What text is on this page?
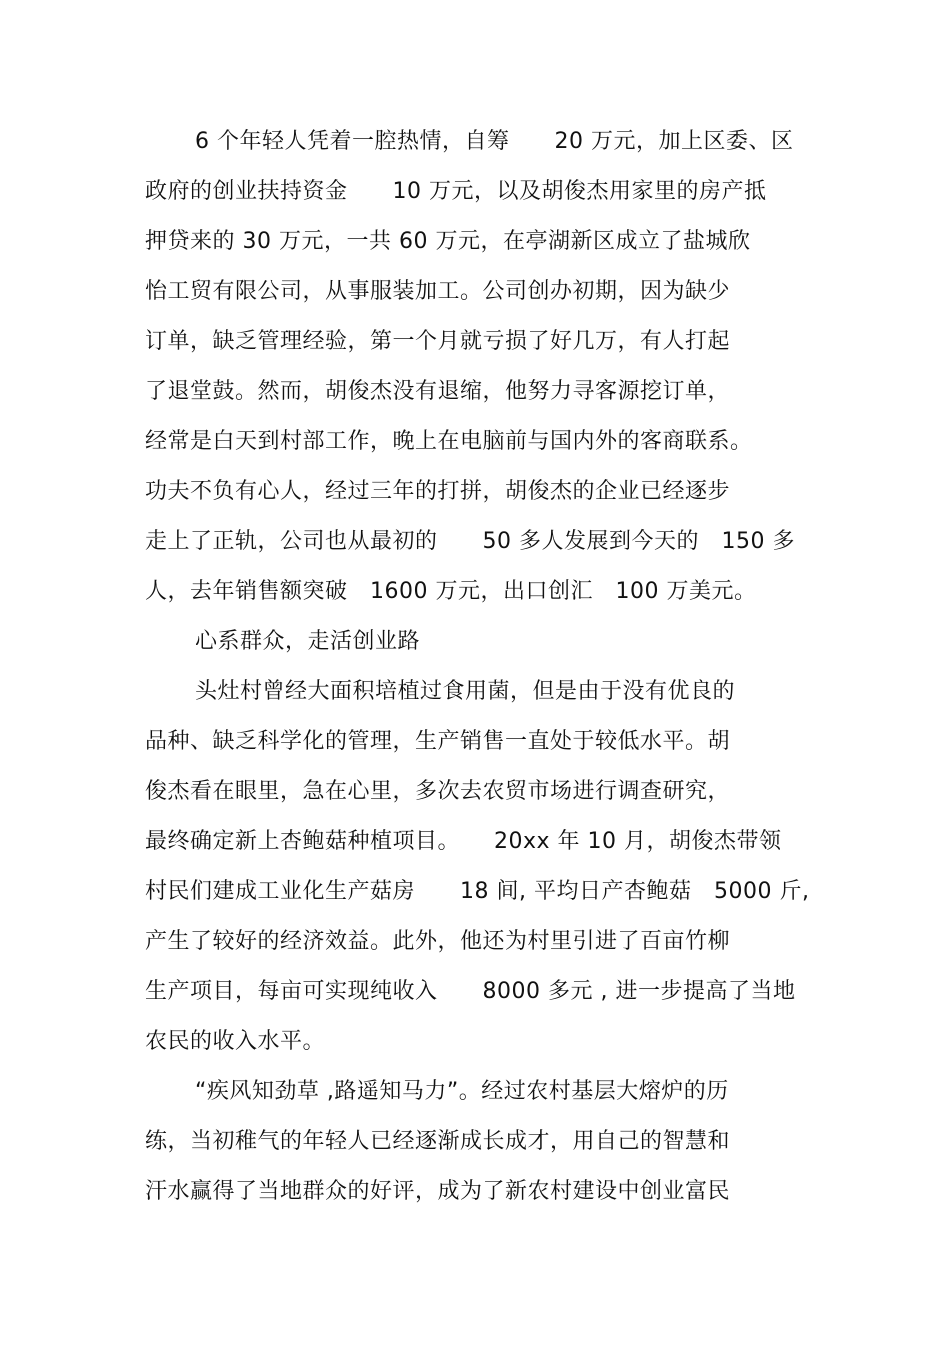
6 个年轻人凭着一腔热情，自筹　　20 万元，加上区委、区
政府的创业扶持资金　　10 万元，以及胡俊杰用家里的房产抵
押贷来的 30 万元，一共 60 万元，在亭湖新区成立了盐城欣
怡工贸有限公司，从事服装加工。公司创办初期，因为缺少
订单，缺乏管理经验，第一个月就亏损了好几万，有人打起
了退堂鼓。然而，胡俊杰没有退缩，他努力寻客源挖订单，
经常是白天到村部工作，晚上在电脑前与国内外的客商联系。
功夫不负有心人，经过三年的打拼，胡俊杰的企业已经逐步
走上了正轨，公司也从最初的　　50 多人发展到今天的　150 多
人，去年销售额突破　1600 万元，出口创汇　100 万美元。
心系群众，走活创业路
头灶村曾经大面积培植过食用菌，但是由于没有优良的
品种、缺乏科学化的管理，生产销售一直处于较低水平。胡
俊杰看在眼里，急在心里，多次去农贸市场进行调查研究，
最终确定新上杏鲍菇种植项目。　　20xx 年 10 月，胡俊杰带领
村民们建成工业化生产菇房　　18 间, 平均日产杏鲍菇　5000 斤,
产生了较好的经济效益。此外，他还为村里引进了百亩竹柳
生产项目，每亩可实现纯收入　　8000 多元 , 进一步提高了当地
农民的收入水平。
“疾风知劲草 ,路遥知马力”。经过农村基层大熔炉的历
练，当初稚气的年轻人已经逐渐成长成才，用自己的智慧和
汗水赢得了当地群众的好评，成为了新农村建设中创业富民
